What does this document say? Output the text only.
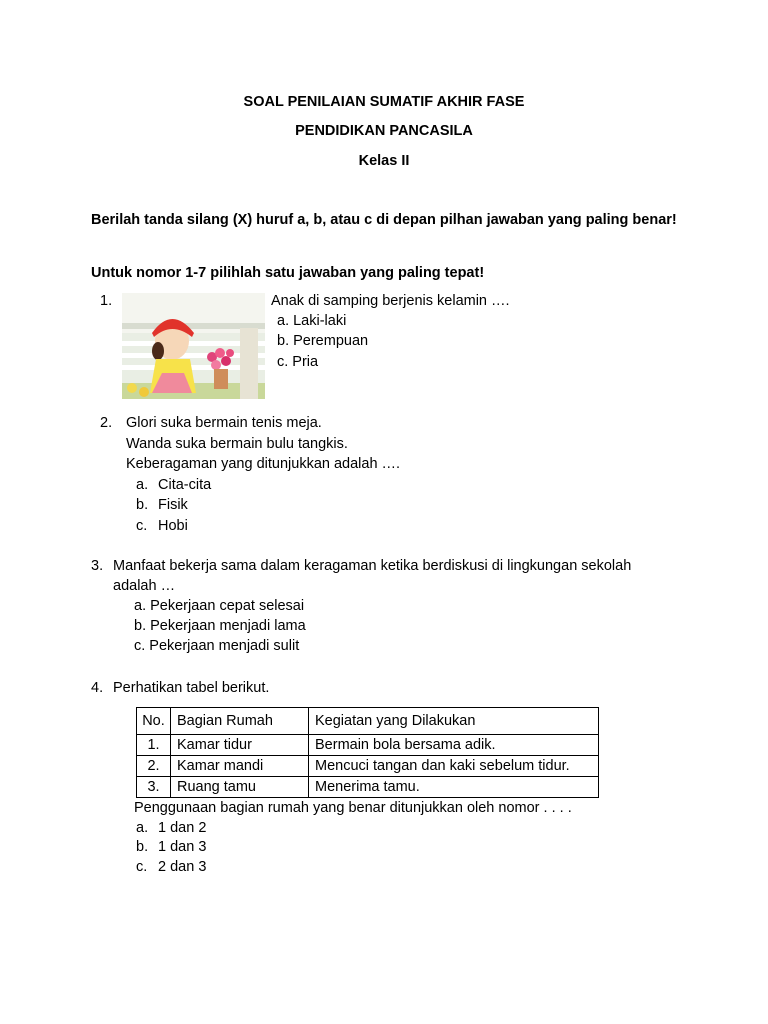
SOAL PENILAIAN SUMATIF AKHIR FASE
PENDIDIKAN PANCASILA
Kelas II
Berilah tanda silang (X) huruf a, b, atau c di depan pilhan jawaban yang paling benar!
Untuk nomor 1-7 pilihlah satu jawaban yang paling tepat!
1.	Anak di samping berjenis kelamin ….
a. Laki-laki
b. Perempuan
c. Pria
2. Glori suka bermain tenis meja.
Wanda suka bermain bulu tangkis.
Keberagaman yang ditunjukkan adalah ….
a. Cita-cita
b. Fisik
c. Hobi
3. Manfaat bekerja sama dalam keragaman ketika berdiskusi di lingkungan sekolah
adalah …
a. Pekerjaan cepat selesai
b. Pekerjaan menjadi lama
c. Pekerjaan menjadi sulit
4. Perhatikan tabel berikut.
No.	Bagian Rumah	Kegiatan yang Dilakukan
1.	Kamar tidur	Bermain bola bersama adik.
2.	Kamar mandi	Mencuci tangan dan kaki sebelum tidur.
3.	Ruang tamu	Menerima tamu.
Penggunaan bagian rumah yang benar ditunjukkan oleh nomor . . . .
a. 1 dan 2
b. 1 dan 3
c. 2 dan 3
